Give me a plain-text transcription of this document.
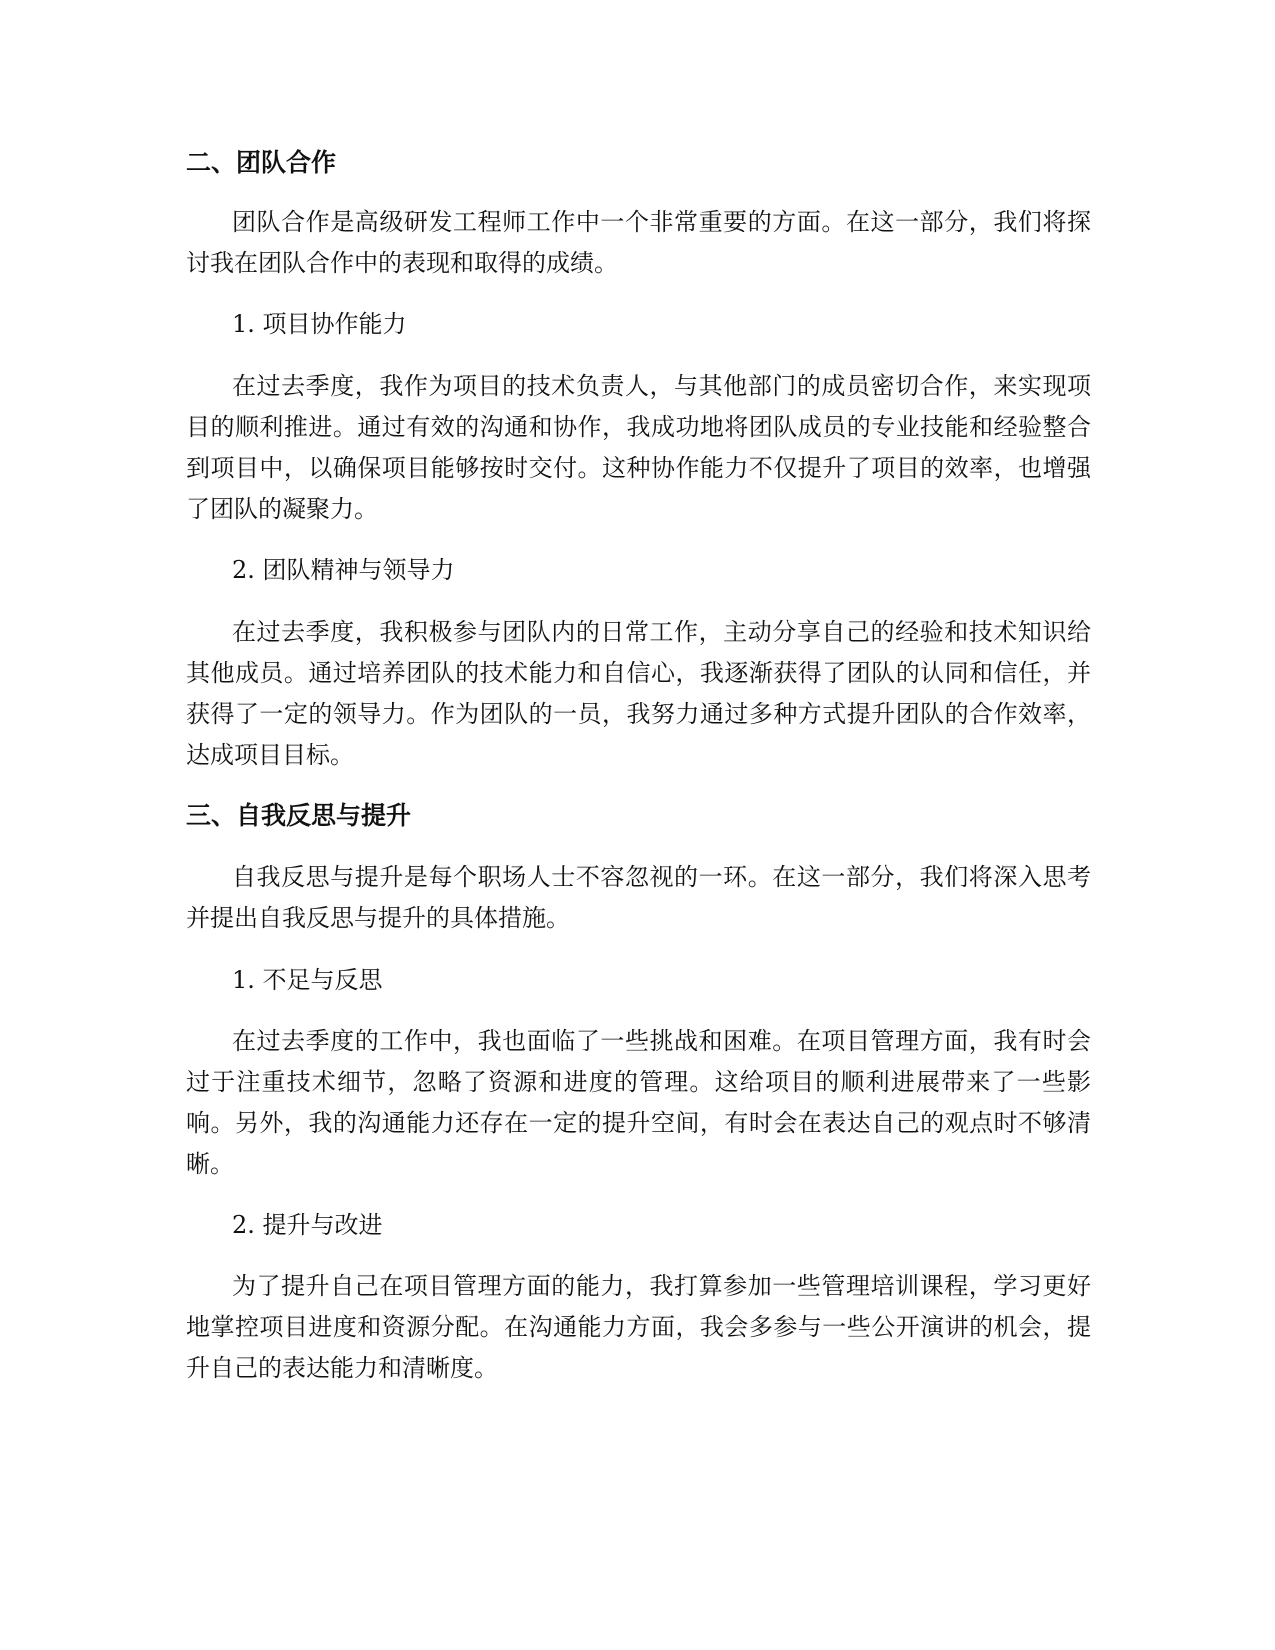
二、团队合作

团队合作是高级研发工程师工作中一个非常重要的方面。在这一部分，我们将探讨我在团队合作中的表现和取得的成绩。

1. 项目协作能力

在过去季度，我作为项目的技术负责人，与其他部门的成员密切合作，来实现项目的顺利推进。通过有效的沟通和协作，我成功地将团队成员的专业技能和经验整合到项目中，以确保项目能够按时交付。这种协作能力不仅提升了项目的效率，也增强了团队的凝聚力。

2. 团队精神与领导力

在过去季度，我积极参与团队内的日常工作，主动分享自己的经验和技术知识给其他成员。通过培养团队的技术能力和自信心，我逐渐获得了团队的认同和信任，并获得了一定的领导力。作为团队的一员，我努力通过多种方式提升团队的合作效率，达成项目目标。

三、自我反思与提升

自我反思与提升是每个职场人士不容忽视的一环。在这一部分，我们将深入思考并提出自我反思与提升的具体措施。

1. 不足与反思

在过去季度的工作中，我也面临了一些挑战和困难。在项目管理方面，我有时会过于注重技术细节，忽略了资源和进度的管理。这给项目的顺利进展带来了一些影响。另外，我的沟通能力还存在一定的提升空间，有时会在表达自己的观点时不够清晰。

2. 提升与改进

为了提升自己在项目管理方面的能力，我打算参加一些管理培训课程，学习更好地掌控项目进度和资源分配。在沟通能力方面，我会多参与一些公开演讲的机会，提升自己的表达能力和清晰度。
